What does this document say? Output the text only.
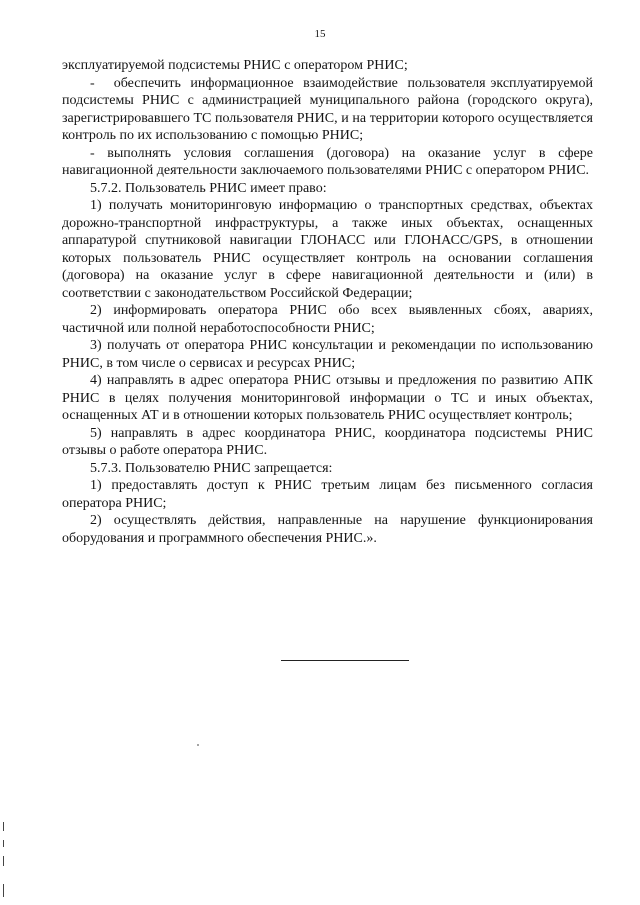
15

эксплуатируемой подсистемы РНИС с оператором РНИС;

-    обеспечить  информационное  взаимодействие  пользователя эксплуатируемой подсистемы РНИС с администрацией муниципального района (городского округа), зарегистрировавшего ТС пользователя РНИС, и на территории которого осуществляется контроль по их использованию с помощью РНИС;

- выполнять условия соглашения (договора) на оказание услуг в сфере навигационной деятельности заключаемого пользователями РНИС с оператором РНИС.

5.7.2. Пользователь РНИС имеет право:

1) получать мониторинговую информацию о транспортных средствах, объектах дорожно-транспортной инфраструктуры, а также иных объектах, оснащенных аппаратурой спутниковой навигации ГЛОНАСС или ГЛОНАСС/GPS, в отношении которых пользователь РНИС осуществляет контроль на основании соглашения (договора) на оказание услуг в сфере навигационной деятельности и (или) в соответствии с законодательством Российской Федерации;

2) информировать оператора РНИС обо всех выявленных сбоях, авариях, частичной или полной неработоспособности РНИС;

3) получать от оператора РНИС консультации и рекомендации по использованию РНИС, в том числе о сервисах и ресурсах РНИС;

4) направлять в адрес оператора РНИС отзывы и предложения по развитию АПК РНИС в целях получения мониторинговой информации о ТС и иных объектах, оснащенных АТ и в отношении которых пользователь РНИС осуществляет контроль;

5) направлять в адрес координатора РНИС, координатора подсистемы РНИС отзывы о работе оператора РНИС.

5.7.3. Пользователю РНИС запрещается:

1) предоставлять доступ к РНИС третьим лицам без письменного согласия оператора РНИС;

2) осуществлять действия, направленные на нарушение функционирования оборудования и программного обеспечения РНИС.».
